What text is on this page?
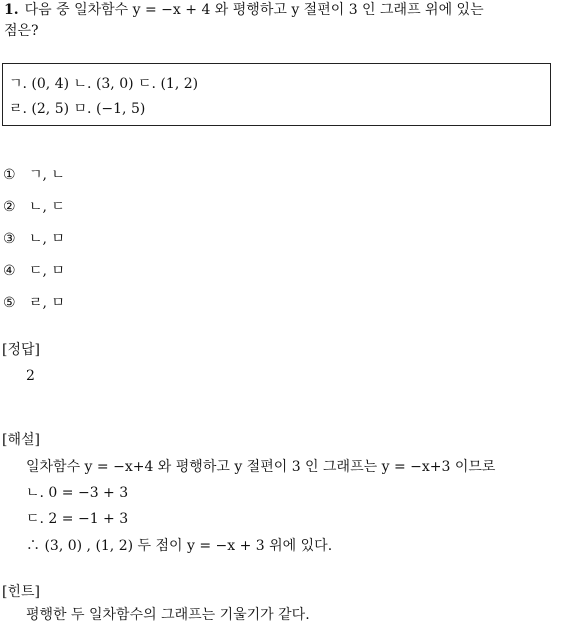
1. 다음 중 일차함수 y = −x + 4 와 평행하고 y 절편이 3 인 그래프 위에 있는
점은?
ㄱ. (0, 4) ㄴ. (3, 0) ㄷ. (1, 2)
ㄹ. (2, 5) ㅁ. (−1, 5)
① ㄱ, ㄴ
② ㄴ, ㄷ
③ ㄴ, ㅁ
④ ㄷ, ㅁ
⑤ ㄹ, ㅁ
[정답]
2
[해설]
일차함수 y = −x+4 와 평행하고 y 절편이 3 인 그래프는 y = −x+3 이므로
ㄴ. 0 = −3 + 3
ㄷ. 2 = −1 + 3
∴ (3, 0) , (1, 2) 두 점이 y = −x + 3 위에 있다.
[힌트]
평행한 두 일차함수의 그래프는 기울기가 같다.
